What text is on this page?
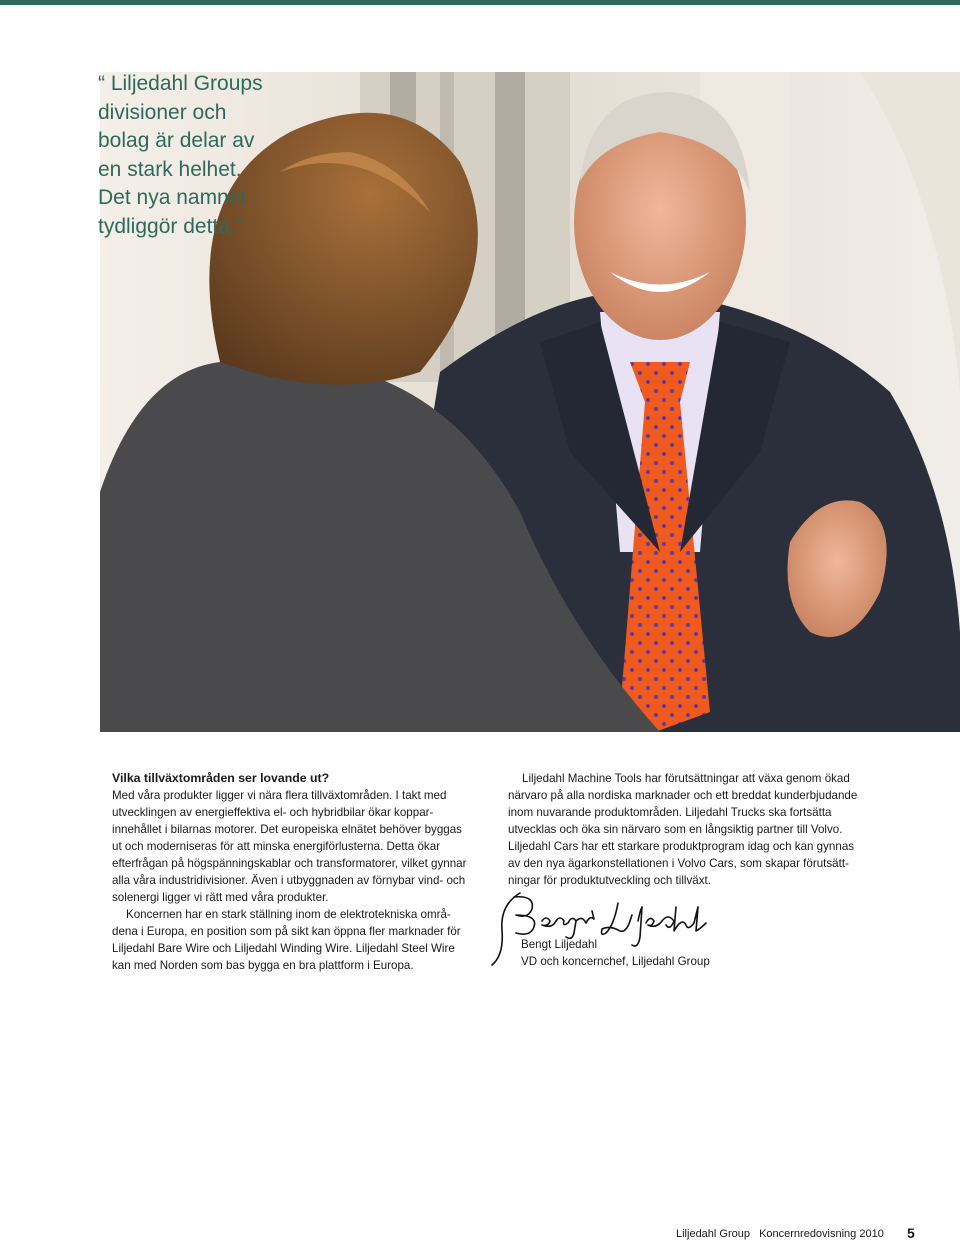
“ Liljedahl Groups
divisioner och
bolag är delar av
en stark helhet.
Det nya namnet
tydliggör detta.”

Vilka tillväxtområden ser lovande ut?

Med våra produkter ligger vi nära flera tillväxtområden. I takt med

utvecklingen av energieffektiva el- och hybridbilar ökar koppar-

innehållet i bilarnas motorer. Det europeiska elnätet behöver byggas

ut och moderniseras för att minska energiförlusterna. Detta ökar

efterfrågan på högspänningskablar och transformatorer, vilket gynnar

alla våra industridivisioner. Även i utbyggnaden av förnybar vind- och

solenergi ligger vi rätt med våra produkter.

Koncernen har en stark ställning inom de elektrotekniska områ-

dena i Europa, en position som på sikt kan öppna fler marknader för

Liljedahl Bare Wire och Liljedahl Winding Wire. Liljedahl Steel Wire

kan med Norden som bas bygga en bra plattform i Europa.

Liljedahl Machine Tools har förutsättningar att växa genom ökad

närvaro på alla nordiska marknader och ett breddat kunderbjudande

inom nuvarande produktområden. Liljedahl Trucks ska fortsätta

utvecklas och öka sin närvaro som en långsiktig partner till Volvo.

Liljedahl Cars har ett starkare produktprogram idag och kan gynnas

av den nya ägarkonstellationen i Volvo Cars, som skapar förutsätt-

ningar för produktutveckling och tillväxt.

Bengt Liljedahl
VD och koncernchef, Liljedahl Group
Liljedahl Group Koncernredovisning 2010	5
